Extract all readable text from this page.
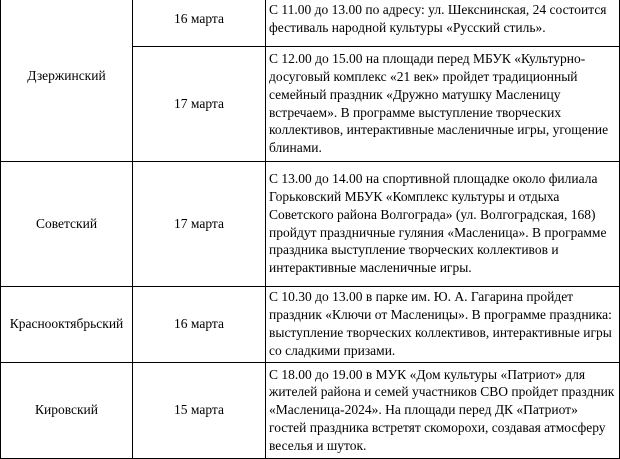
Дзержинский	16 марта	С 11.00 до 13.00 по адресу: ул. Шекснинская, 24 состоится фестиваль народной культуры «Русский стиль».
	17 марта	С 12.00 до 15.00 на площади перед МБУК «Культурно-досуговый комплекс «21 век» пройдет традиционный семейный праздник «Дружно матушку Масленицу встречаем». В программе выступление творческих коллективов, интерактивные масленичные игры, угощение блинами.
Советский	17 марта	С 13.00 до 14.00 на спортивной площадке около филиала Горьковский МБУК «Комплекс культуры и отдыха Советского района Волгограда» (ул. Волгоградская, 168) пройдут праздничные гуляния «Масленица». В программе праздника выступление творческих коллективов и интерактивные масленичные игры.
Краснооктябрьский	16 марта	С 10.30 до 13.00 в парке им. Ю. А. Гагарина пройдет праздник «Ключи от Масленицы». В программе праздника: выступление творческих коллективов, интерактивные игры со сладкими призами.
Кировский	15 марта	С 18.00 до 19.00 в МУК «Дом культуры «Патриот» для жителей района и семей участников СВО пройдет праздник «Масленица-2024». На площади перед ДК «Патриот» гостей праздника встретят скоморохи, создавая атмосферу веселья и шуток.
